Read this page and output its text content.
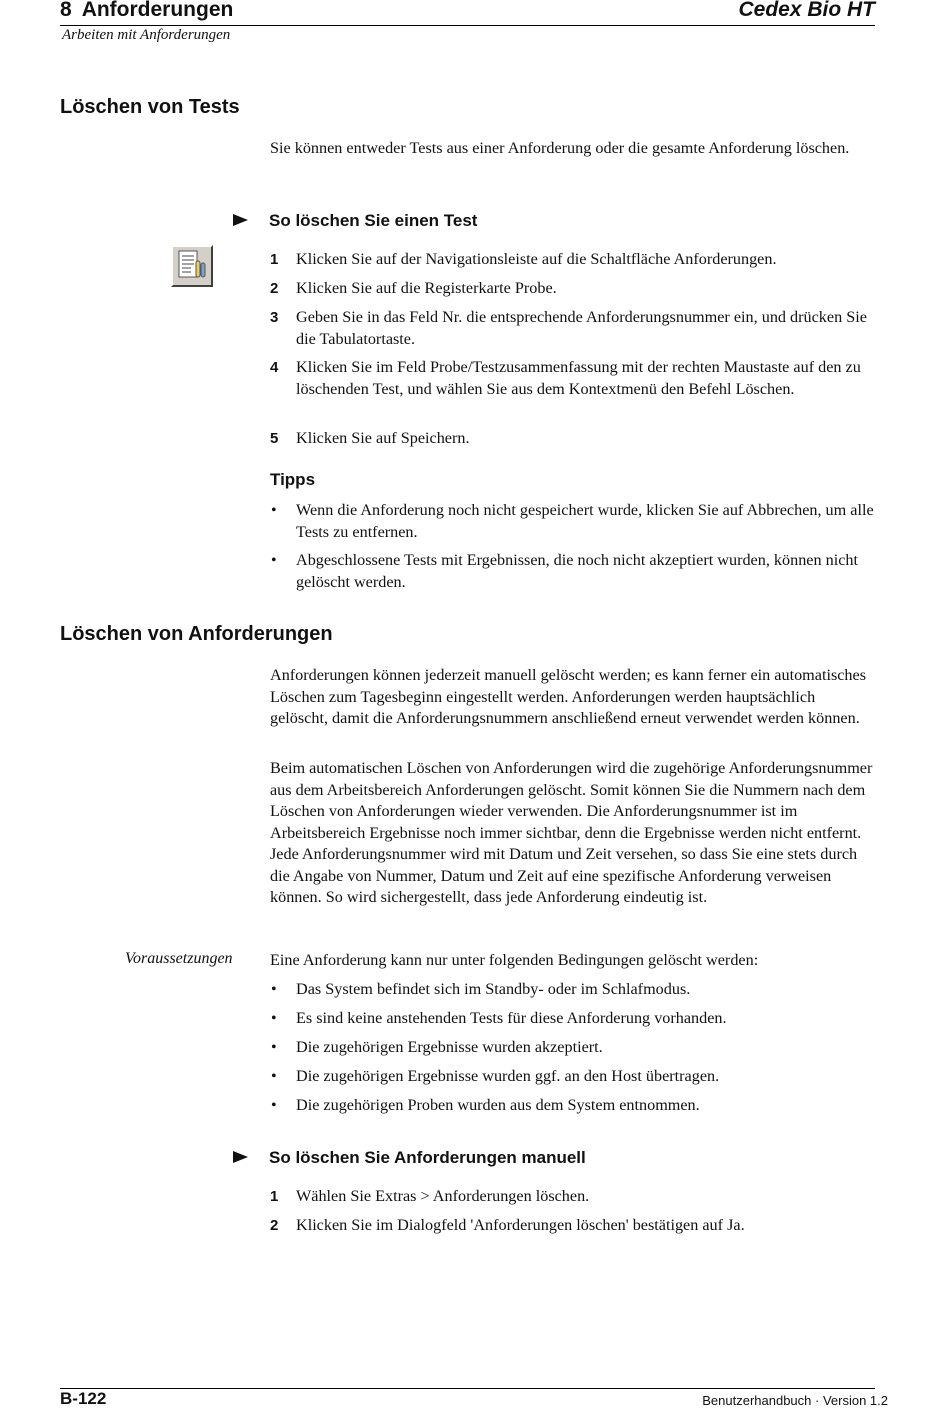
8 Anforderungen	Cedex Bio HT
Arbeiten mit Anforderungen
Löschen von Tests
Sie können entweder Tests aus einer Anforderung oder die gesamte Anforderung löschen.
So löschen Sie einen Test
1	Klicken Sie auf der Navigationsleiste auf die Schaltfläche Anforderungen.
2	Klicken Sie auf die Registerkarte Probe.
3	Geben Sie in das Feld Nr. die entsprechende Anforderungsnummer ein, und drücken Sie die Tabulatortaste.
4	Klicken Sie im Feld Probe/Testzusammenfassung mit der rechten Maustaste auf den zu löschenden Test, und wählen Sie aus dem Kontextmenü den Befehl Löschen.
5	Klicken Sie auf Speichern.
Tipps
• Wenn die Anforderung noch nicht gespeichert wurde, klicken Sie auf Abbrechen, um alle Tests zu entfernen.
• Abgeschlossene Tests mit Ergebnissen, die noch nicht akzeptiert wurden, können nicht gelöscht werden.
Löschen von Anforderungen
Anforderungen können jederzeit manuell gelöscht werden; es kann ferner ein automatisches Löschen zum Tagesbeginn eingestellt werden. Anforderungen werden hauptsächlich gelöscht, damit die Anforderungsnummern anschließend erneut verwendet werden können.
Beim automatischen Löschen von Anforderungen wird die zugehörige Anforderungsnummer aus dem Arbeitsbereich Anforderungen gelöscht. Somit können Sie die Nummern nach dem Löschen von Anforderungen wieder verwenden. Die Anforderungsnummer ist im Arbeitsbereich Ergebnisse noch immer sichtbar, denn die Ergebnisse werden nicht entfernt. Jede Anforderungsnummer wird mit Datum und Zeit versehen, so dass Sie eine stets durch die Angabe von Nummer, Datum und Zeit auf eine spezifische Anforderung verweisen können. So wird sichergestellt, dass jede Anforderung eindeutig ist.
Voraussetzungen Eine Anforderung kann nur unter folgenden Bedingungen gelöscht werden:
• Das System befindet sich im Standby- oder im Schlafmodus.
• Es sind keine anstehenden Tests für diese Anforderung vorhanden.
• Die zugehörigen Ergebnisse wurden akzeptiert.
• Die zugehörigen Ergebnisse wurden ggf. an den Host übertragen.
• Die zugehörigen Proben wurden aus dem System entnommen.
So löschen Sie Anforderungen manuell
1	Wählen Sie Extras > Anforderungen löschen.
2	Klicken Sie im Dialogfeld 'Anforderungen löschen' bestätigen auf Ja.
B-122	Benutzerhandbuch · Version 1.2
